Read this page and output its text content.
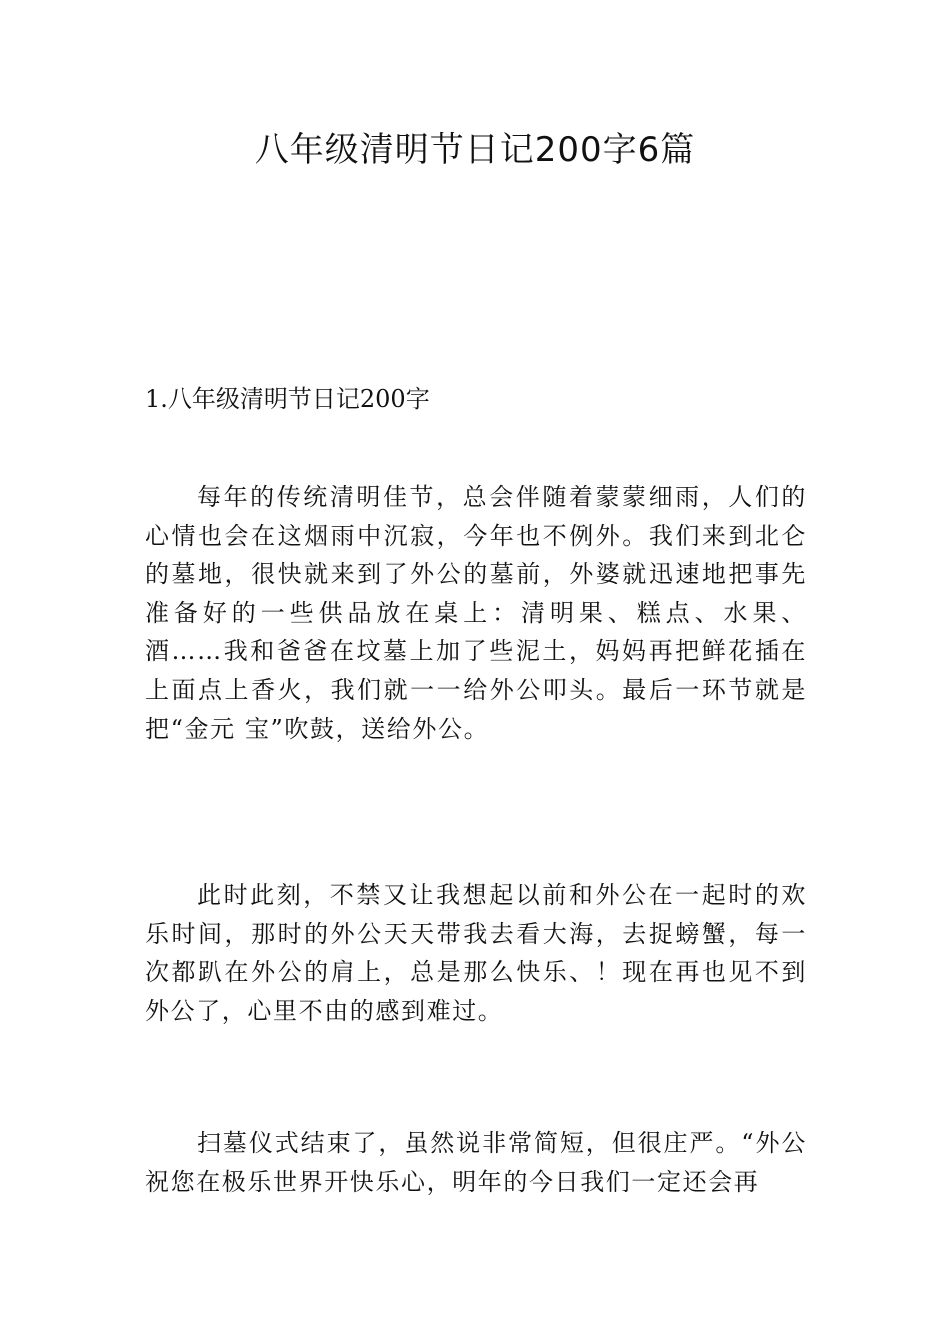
八年级清明节日记200字6篇
1.八年级清明节日记200字

每年的传统清明佳节，总会伴随着蒙蒙细雨，人们的心情也会在这烟雨中沉寂，今年也不例外。我们来到北仑的墓地，很快就来到了外公的墓前，外婆就迅速地把事先准备好的一些供品放在桌上：清明果、糕点、水果、酒……我和爸爸在坟墓上加了些泥土，妈妈再把鲜花插在上面点上香火，我们就一一给外公叩头。最后一环节就是把“金元 宝”吹鼓，送给外公。

此时此刻，不禁又让我想起以前和外公在一起时的欢乐时间，那时的外公天天带我去看大海，去捉螃蟹，每一次都趴在外公的肩上，总是那么快乐、！现在再也见不到外公了，心里不由的感到难过。

扫墓仪式结束了，虽然说非常简短，但很庄严。“外公祝您在极乐世界开快乐心，明年的今日我们一定还会再
